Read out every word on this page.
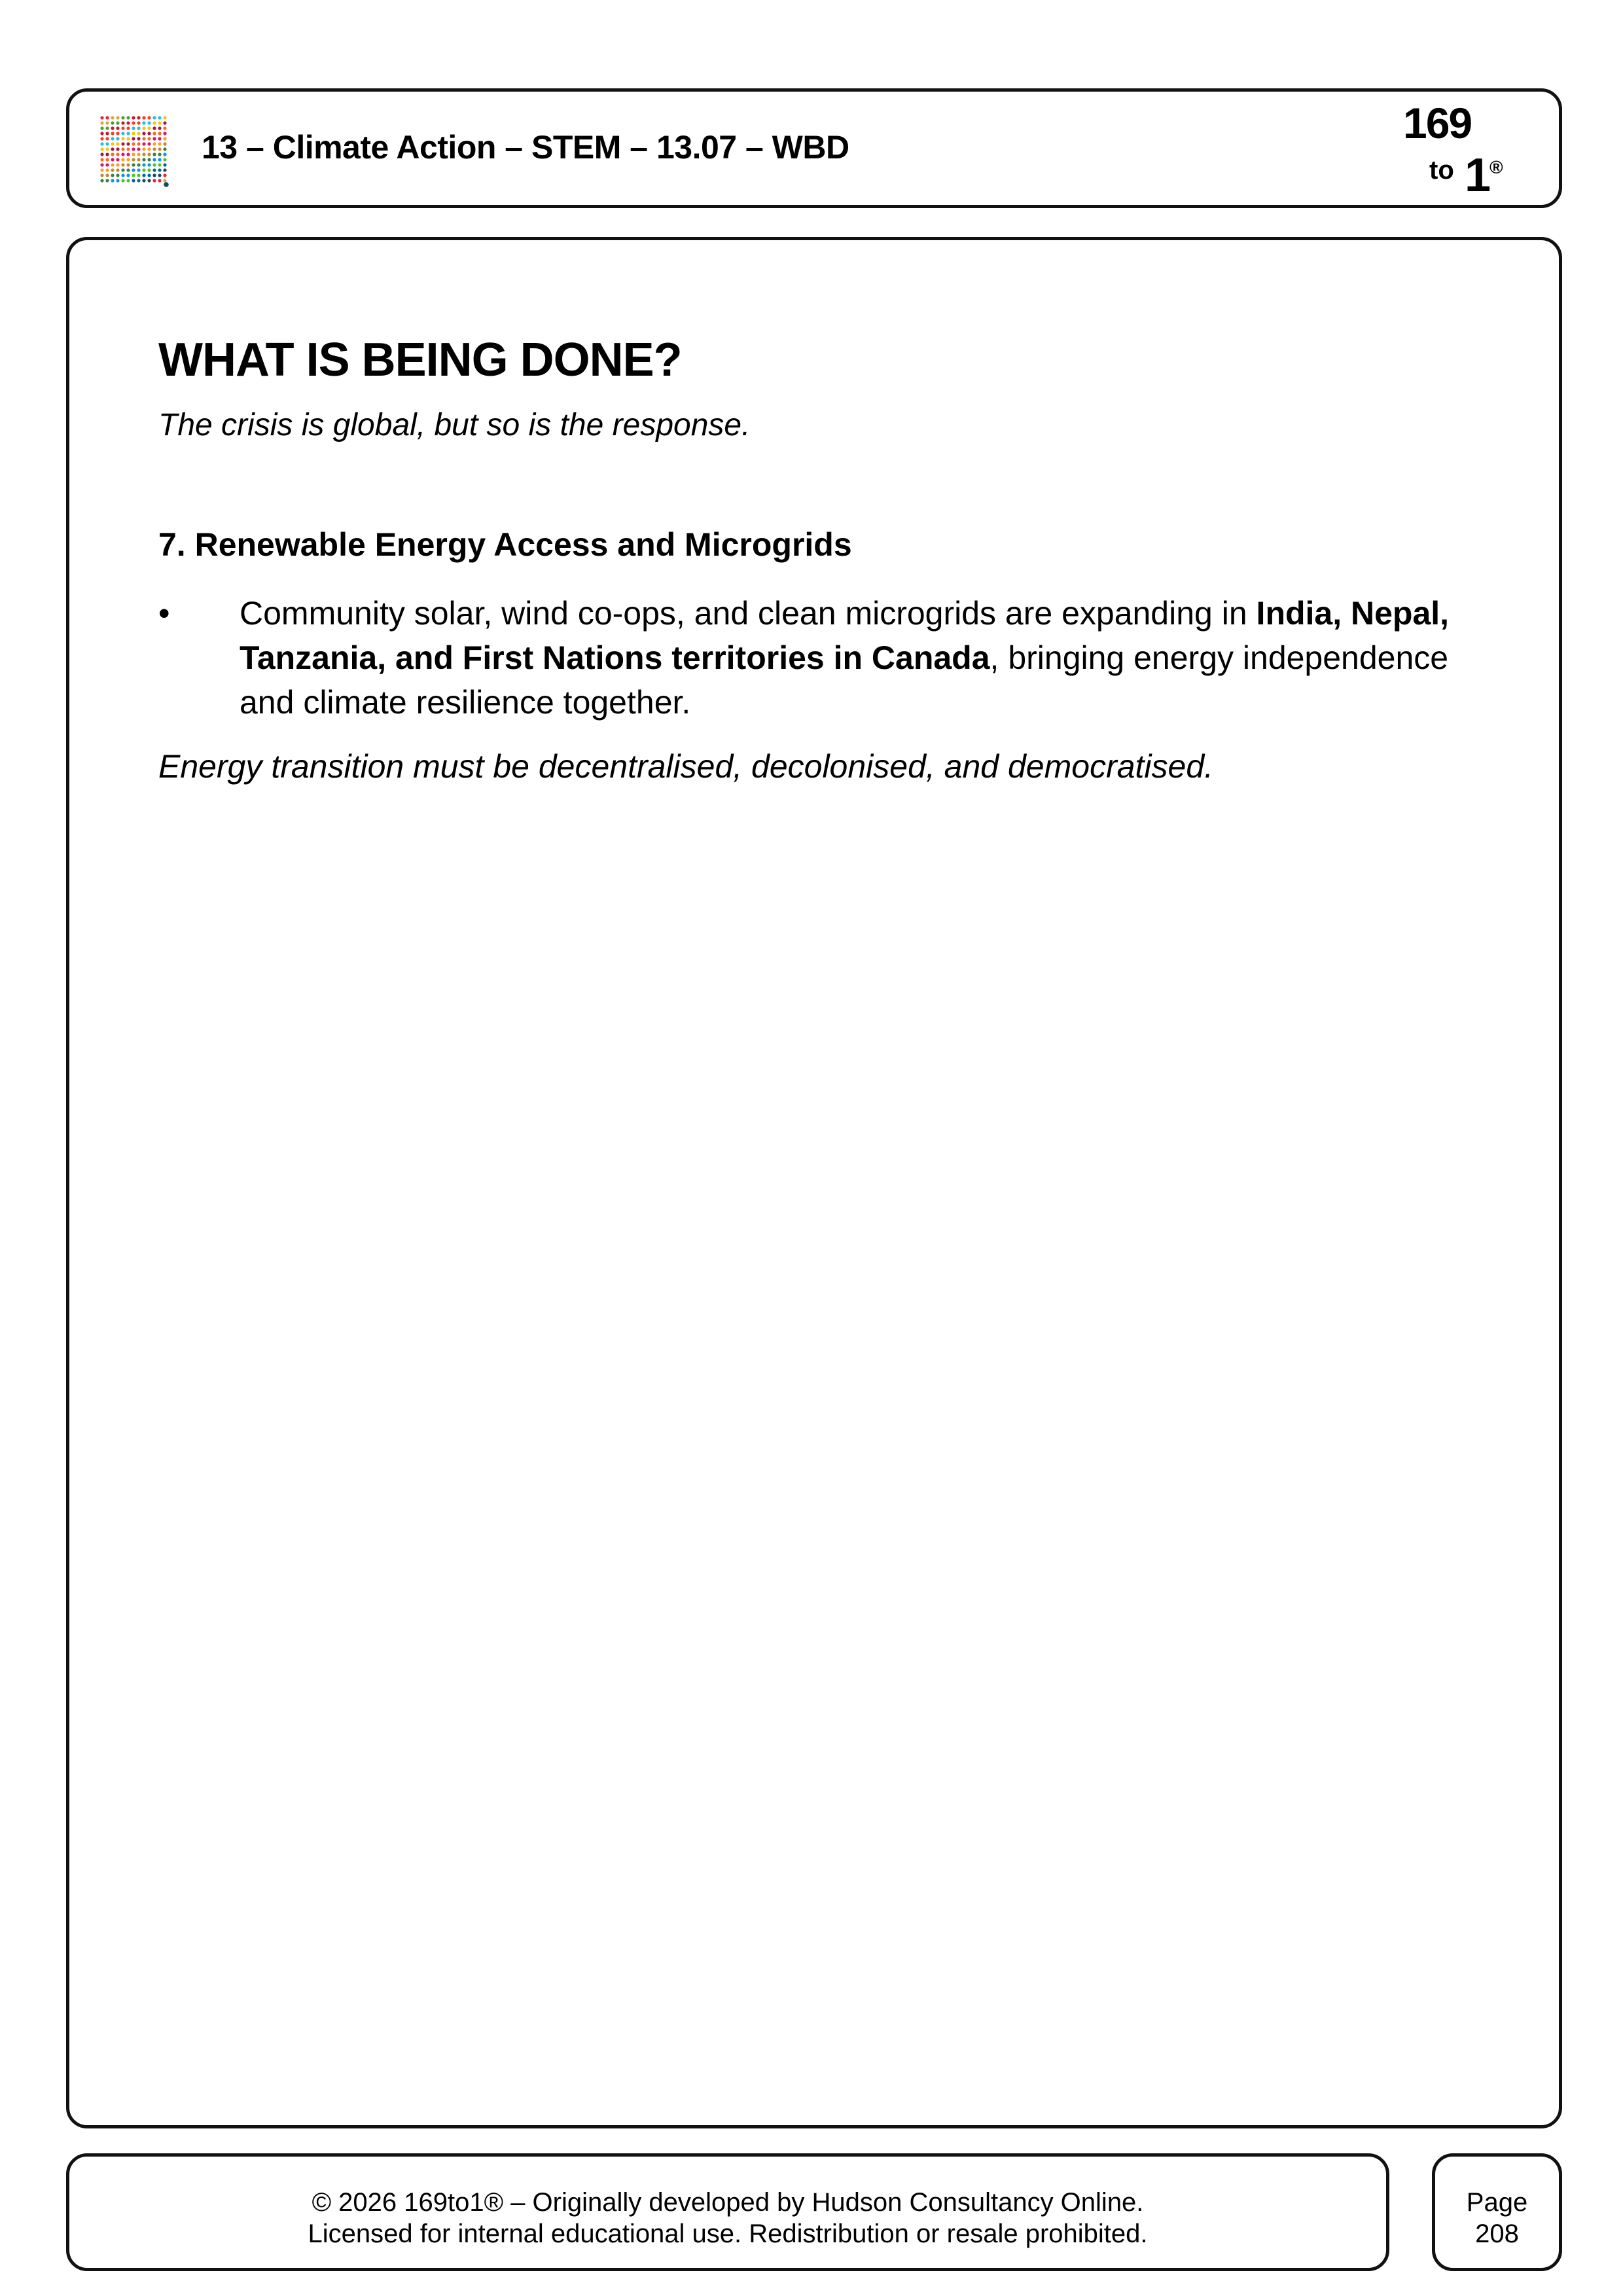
13 – Climate Action – STEM – 13.07 – WBD	169
to 1
®
WHAT IS BEING DONE?

The crisis is global, but so is the response.

7. Renewable Energy Access and Microgrids
• Community solar, wind co-ops, and clean microgrids are expanding in India, Nepal, Tanzania, and First Nations territories in Canada, bringing energy independence and climate resilience together.

Energy transition must be decentralised, decolonised, and democratised.

© 2026 169to1® – Originally developed by Hudson Consultancy Online.
Licensed for internal educational use. Redistribution or resale prohibited.
Page
208
